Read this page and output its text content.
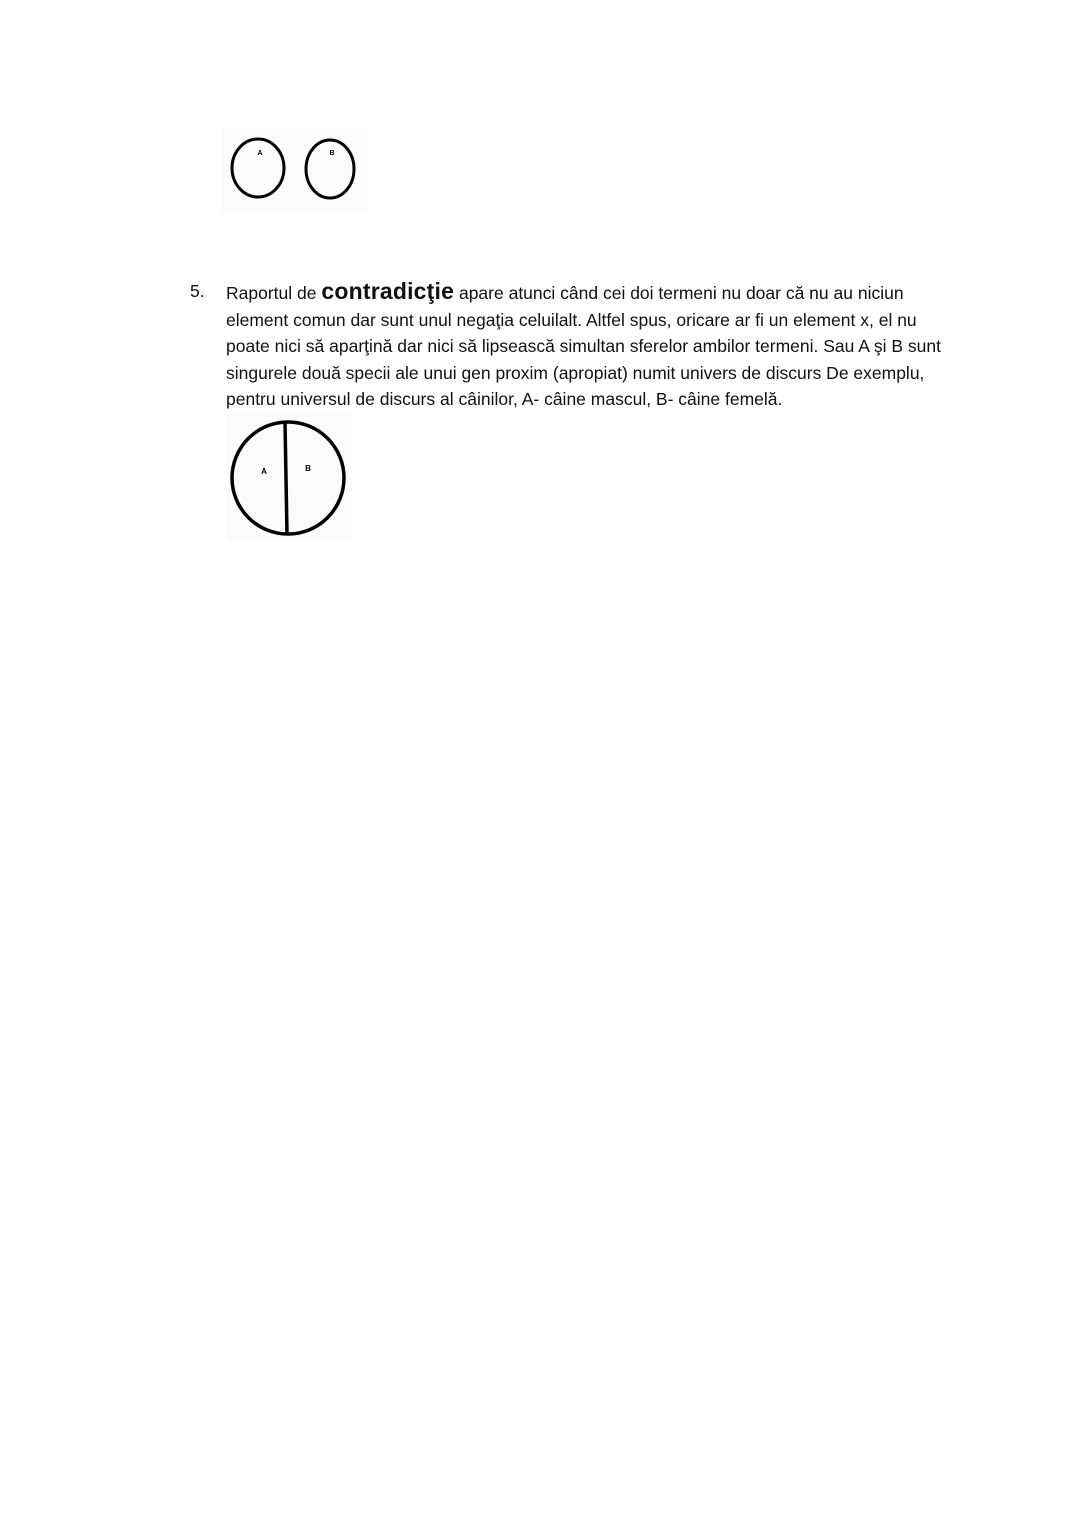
A	B
5. Raportul de contradicţie apare atunci când cei doi termeni nu doar că nu au niciun element comun dar sunt unul negaţia celuilalt. Altfel spus, oricare ar fi un element x, el nu poate nici să aparţină dar nici să lipsească simultan sferelor ambilor termeni. Sau A şi B sunt singurele două specii ale unui gen proxim (apropiat) numit univers de discurs De exemplu, pentru universul de discurs al câinilor, A- câine mascul, B- câine femelă.
A	B
